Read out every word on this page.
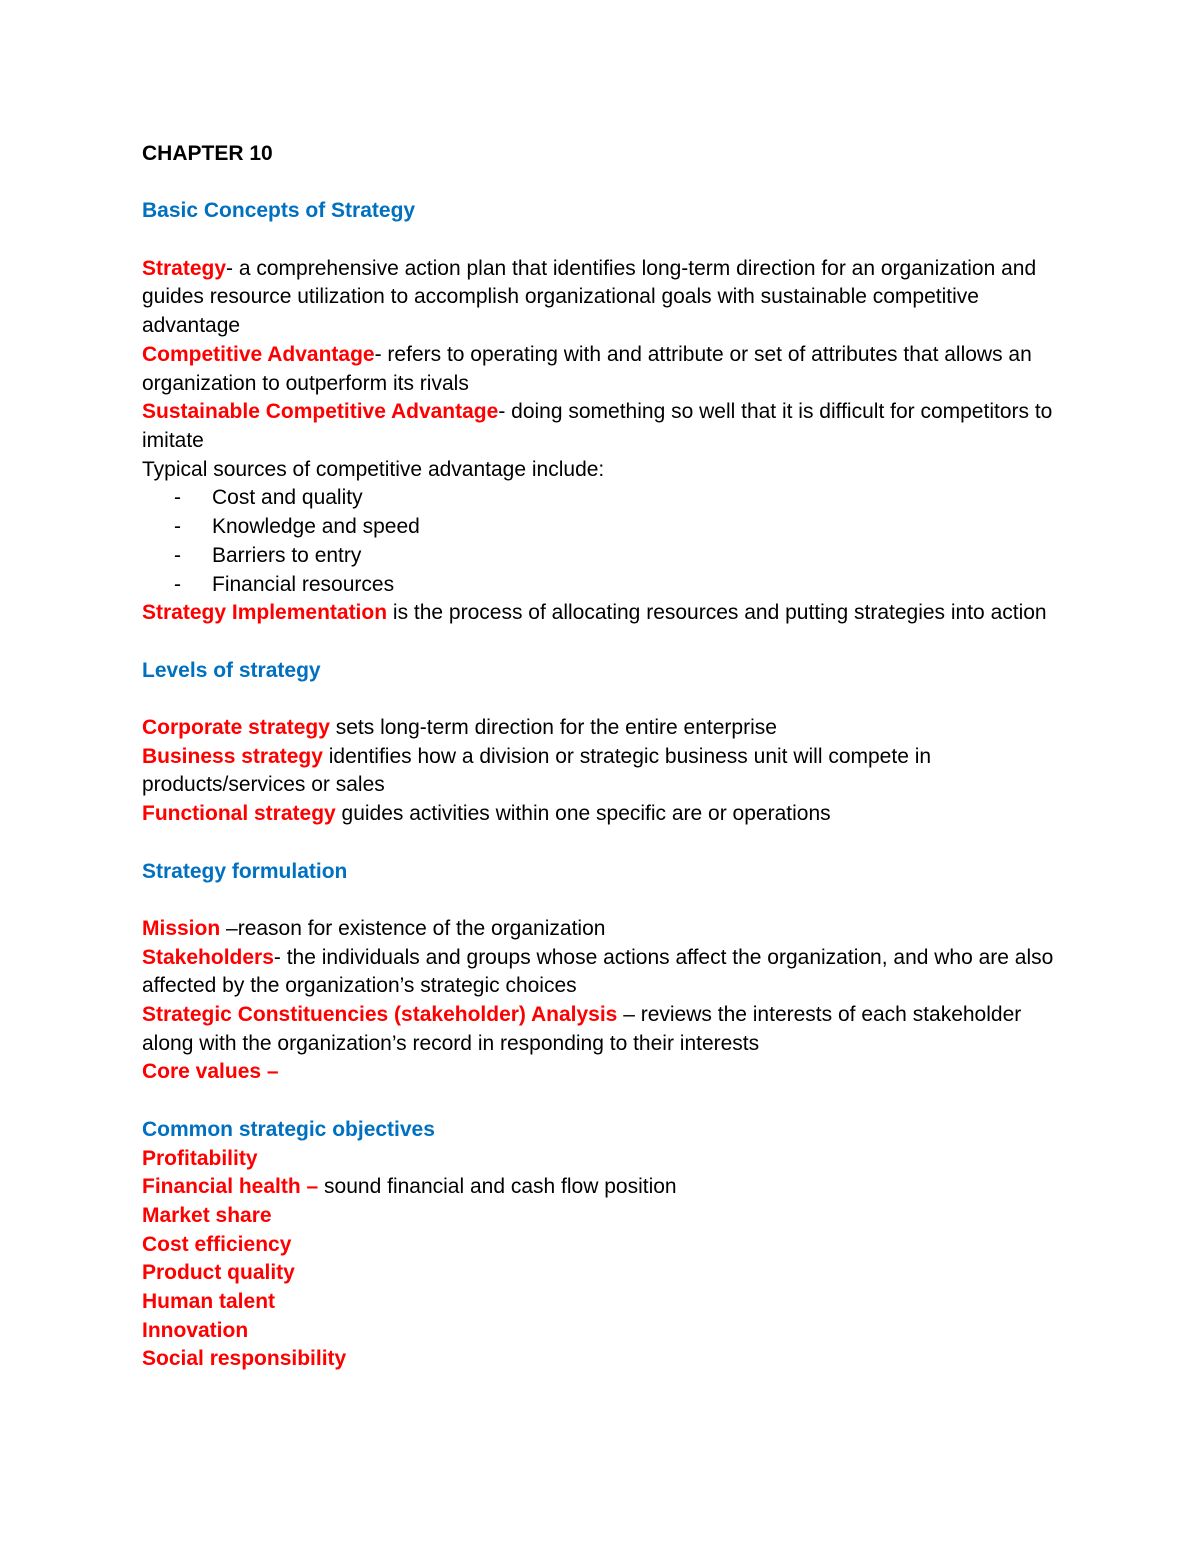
CHAPTER 10

Basic Concepts of Strategy

Strategy- a comprehensive action plan that identifies long-term direction for an organization and guides resource utilization to accomplish organizational goals with sustainable competitive advantage

Competitive Advantage- refers to operating with and attribute or set of attributes that allows an organization to outperform its rivals

Sustainable Competitive Advantage- doing something so well that it is difficult for competitors to imitate

Typical sources of competitive advantage include:

- Cost and quality
- Knowledge and speed
- Barriers to entry
- Financial resources

Strategy Implementation is the process of allocating resources and putting strategies into action

Levels of strategy

Corporate strategy sets long-term direction for the entire enterprise

Business strategy identifies how a division or strategic business unit will compete in products/services or sales

Functional strategy guides activities within one specific are or operations

Strategy formulation

Mission –reason for existence of the organization

Stakeholders- the individuals and groups whose actions affect the organization, and who are also affected by the organization’s strategic choices

Strategic Constituencies (stakeholder) Analysis – reviews the interests of each stakeholder along with the organization’s record in responding to their interests

Core values –

Common strategic objectives

Profitability

Financial health – sound financial and cash flow position

Market share

Cost efficiency

Product quality

Human talent

Innovation

Social responsibility
